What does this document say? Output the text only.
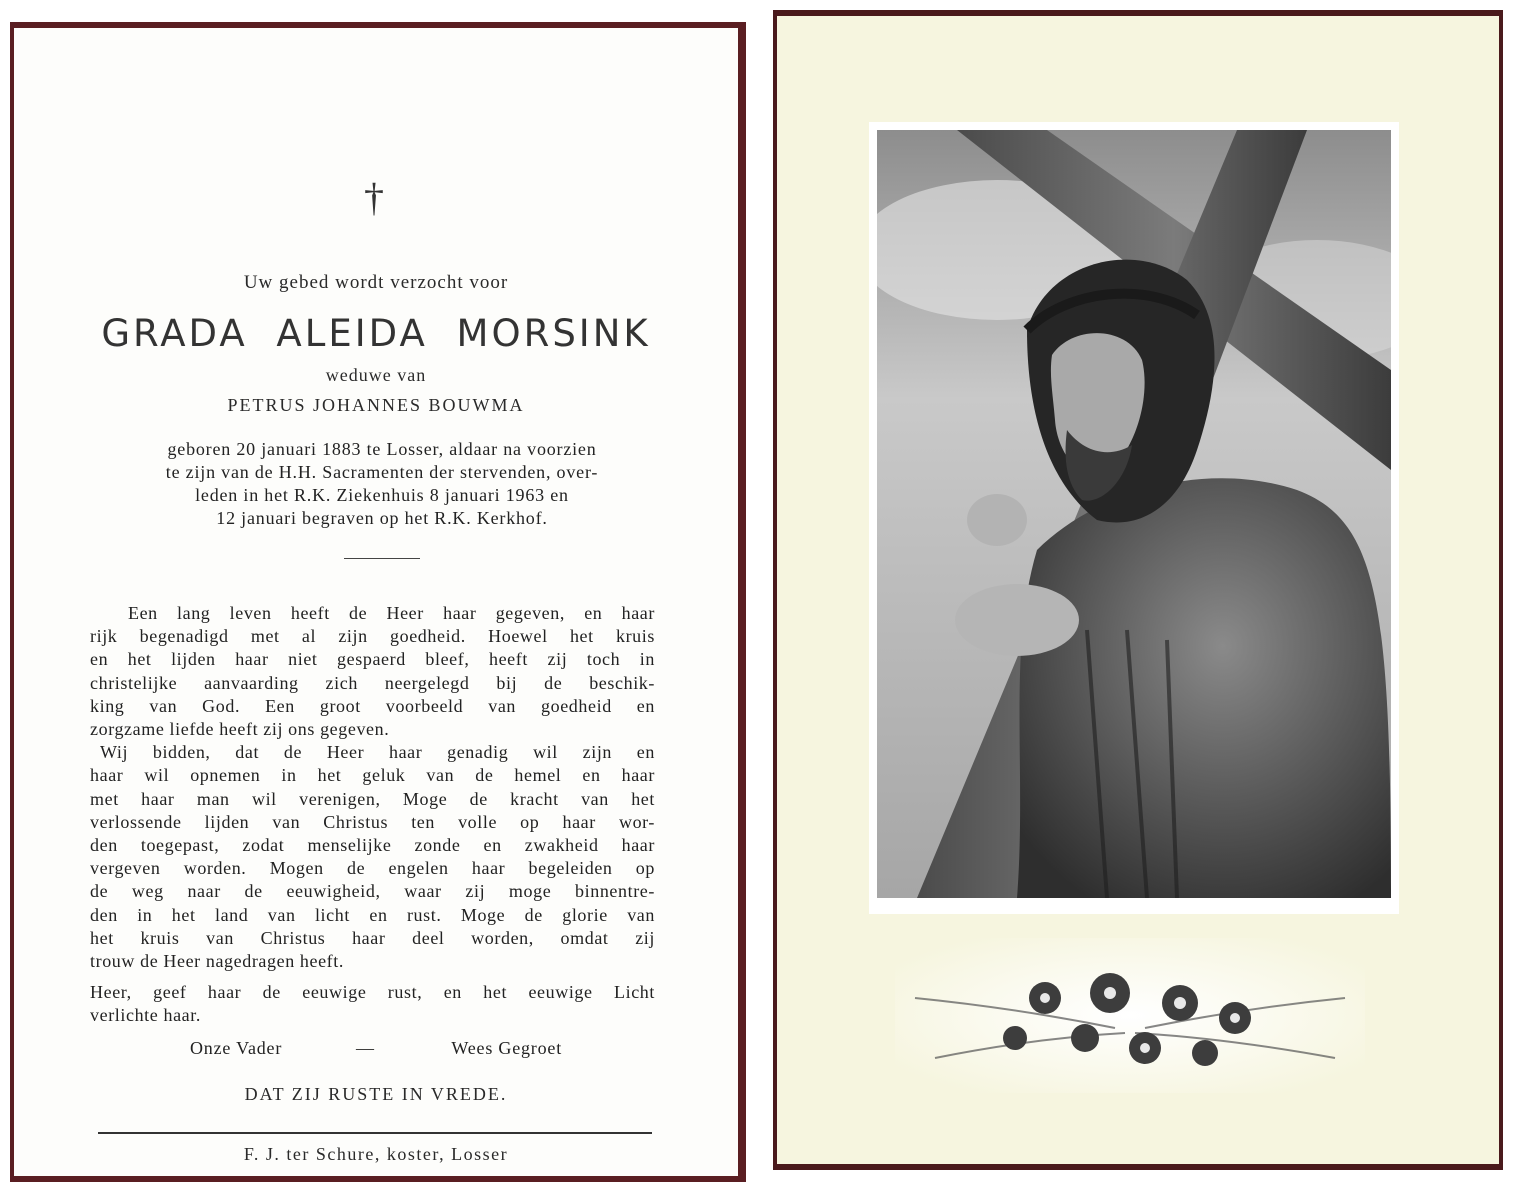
†
Uw gebed wordt verzocht voor
GRADA ALEIDA MORSINK
weduwe van
PETRUS JOHANNES BOUWMA
geboren 20 januari 1883 te Losser, aldaar na voorzien
te zijn van de H.H. Sacramenten der stervenden, over-
leden in het R.K. Ziekenhuis 8 januari 1963 en
12 januari begraven op het R.K. Kerkhof.
Een lang leven heeft de Heer haar gegeven, en haar
rijk begenadigd met al zijn goedheid. Hoewel het kruis
en het lijden haar niet gespaerd bleef, heeft zij toch in
christelijke aanvaarding zich neergelegd bij de beschik-
king van God. Een groot voorbeeld van goedheid en
zorgzame liefde heeft zij ons gegeven.
Wij bidden, dat de Heer haar genadig wil zijn en
haar wil opnemen in het geluk van de hemel en haar
met haar man wil verenigen, Moge de kracht van het
verlossende lijden van Christus ten volle op haar wor-
den toegepast, zodat menselijke zonde en zwakheid haar
vergeven worden. Mogen de engelen haar begeleiden op
de weg naar de eeuwigheid, waar zij moge binnentre-
den in het land van licht en rust. Moge de glorie van
het kruis van Christus haar deel worden, omdat zij
trouw de Heer nagedragen heeft.
Heer, geef haar de eeuwige rust, en het eeuwige Licht
verlichte haar.
Onze Vader	—	Wees Gegroet
DAT ZIJ RUSTE IN VREDE.
F. J. ter Schure, koster, Losser
